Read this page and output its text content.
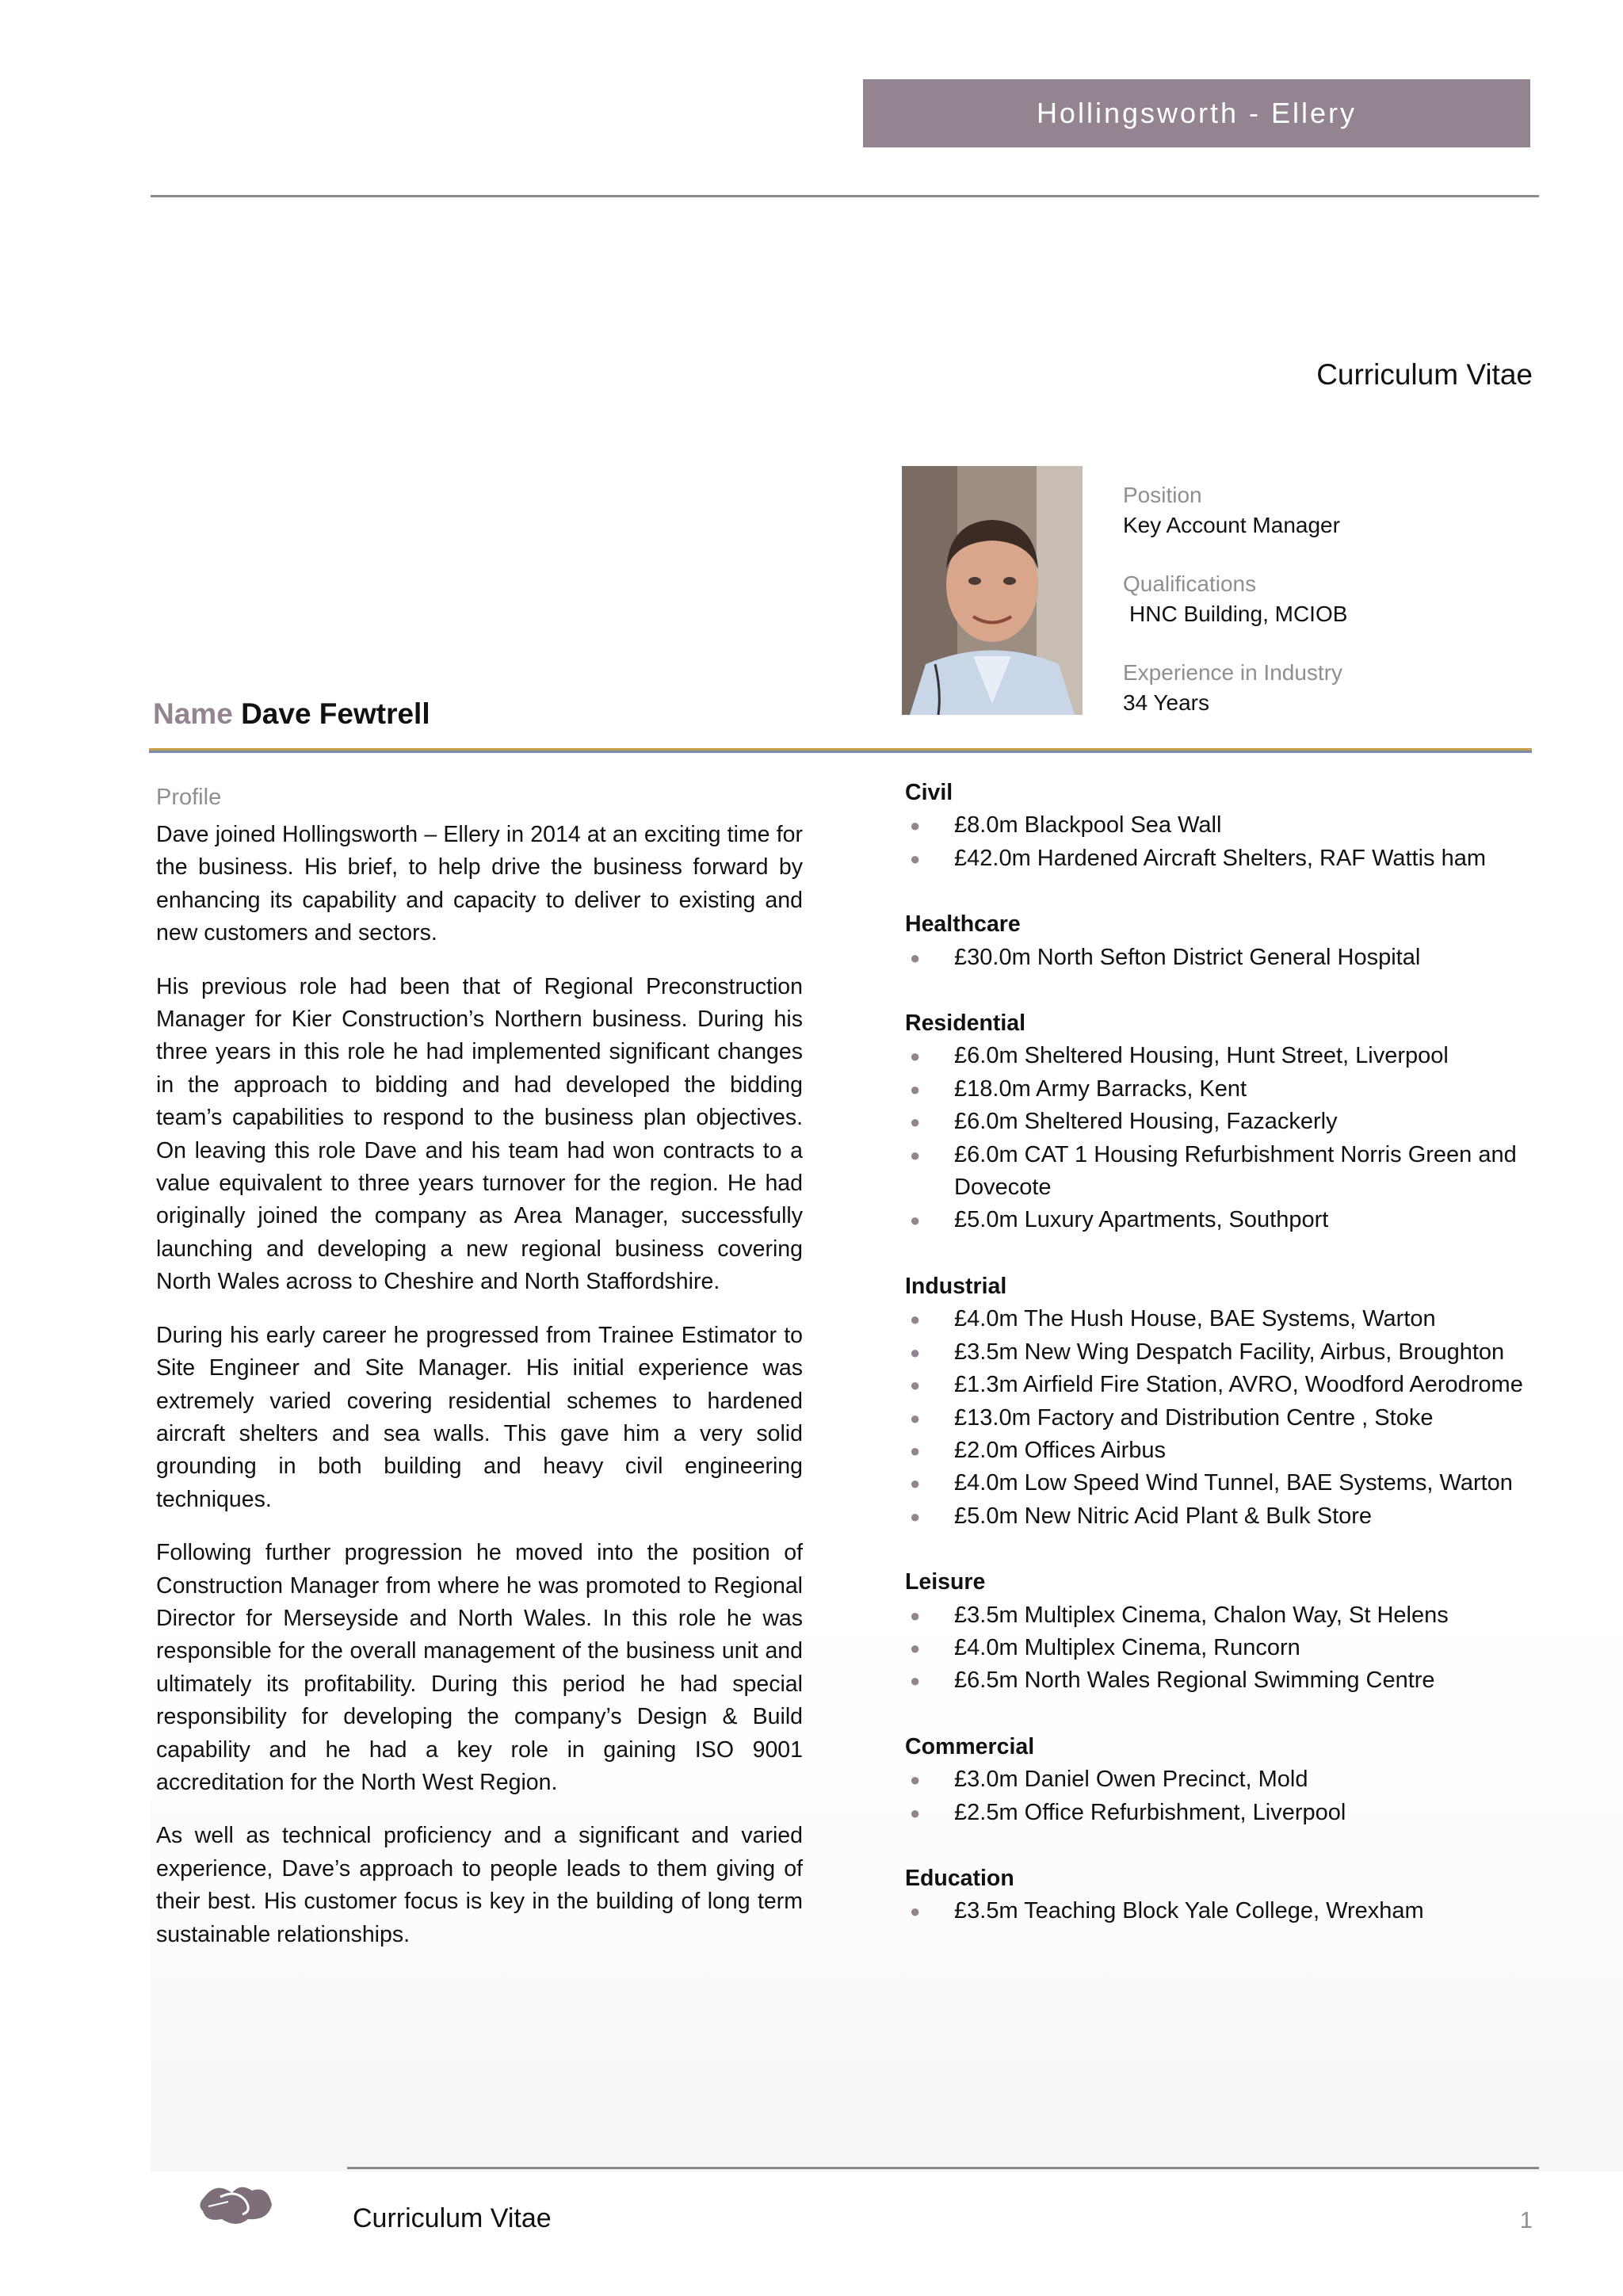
Hollingsworth - Ellery
Curriculum Vitae
Position
Key Account Manager
Qualifications
HNC Building, MCIOB
Experience in Industry
34 Years
Name Dave Fewtrell
Profile

Dave joined Hollingsworth – Ellery in 2014 at an exciting time for the business. His brief, to help drive the business forward by enhancing its capability and capacity to deliver to existing and new customers and sectors.

His previous role had been that of Regional Preconstruction Manager for Kier Construction’s Northern business. During his three years in this role he had implemented significant changes in the approach to bidding and had developed the bidding team’s capabilities to respond to the business plan objectives. On leaving this role Dave and his team had won contracts to a value equivalent to three years turnover for the region. He had originally joined the company as Area Manager, successfully launching and developing a new regional business covering North Wales across to Cheshire and North Staffordshire.

During his early career he progressed from Trainee Estimator to Site Engineer and Site Manager. His initial experience was extremely varied covering residential schemes to hardened aircraft shelters and sea walls. This gave him a very solid grounding in both building and heavy civil engineering techniques.

Following further progression he moved into the position of Construction Manager from where he was promoted to Regional Director for Merseyside and North Wales. In this role he was responsible for the overall management of the business unit and ultimately its profitability. During this period he had special responsibility for developing the company’s Design & Build capability and he had a key role in gaining ISO 9001 accreditation for the North West Region.

As well as technical proficiency and a significant and varied experience, Dave’s approach to people leads to them giving of their best. His customer focus is key in the building of long term sustainable relationships.

Civil
● £8.0m Blackpool Sea Wall
● £42.0m Hardened Aircraft Shelters, RAF Wattis ham
Healthcare
● £30.0m North Sefton District General Hospital
Residential
● £6.0m Sheltered Housing, Hunt Street, Liverpool
● £18.0m Army Barracks, Kent
● £6.0m Sheltered Housing, Fazackerly
● £6.0m CAT 1 Housing Refurbishment Norris Green and Dovecote
● £5.0m Luxury Apartments, Southport
Industrial
● £4.0m The Hush House, BAE Systems, Warton
● £3.5m New Wing Despatch Facility, Airbus, Broughton
● £1.3m Airfield Fire Station, AVRO, Woodford Aerodrome
● £13.0m Factory and Distribution Centre , Stoke
● £2.0m Offices Airbus
● £4.0m Low Speed Wind Tunnel, BAE Systems, Warton
● £5.0m New Nitric Acid Plant & Bulk Store
Leisure
● £3.5m Multiplex Cinema, Chalon Way, St Helens
● £4.0m Multiplex Cinema, Runcorn
● £6.5m North Wales Regional Swimming Centre
Commercial
● £3.0m Daniel Owen Precinct, Mold
● £2.5m Office Refurbishment, Liverpool
Education
● £3.5m Teaching Block Yale College, Wrexham
Curriculum Vitae	1
